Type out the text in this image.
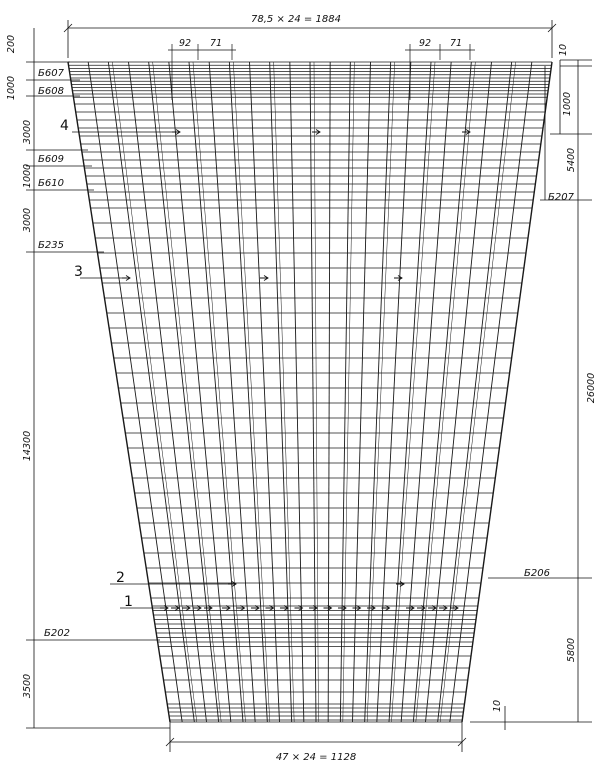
78,5 × 24 = 1884
92 71	92 71
200
1000
3000
1000
3000
14300
3500
Б607
Б608
Б609
Б610
Б235
Б202
10
1000
5400
26000
5800
10
Б207
Б206
4
3
2
1
47 × 24 = 1128
